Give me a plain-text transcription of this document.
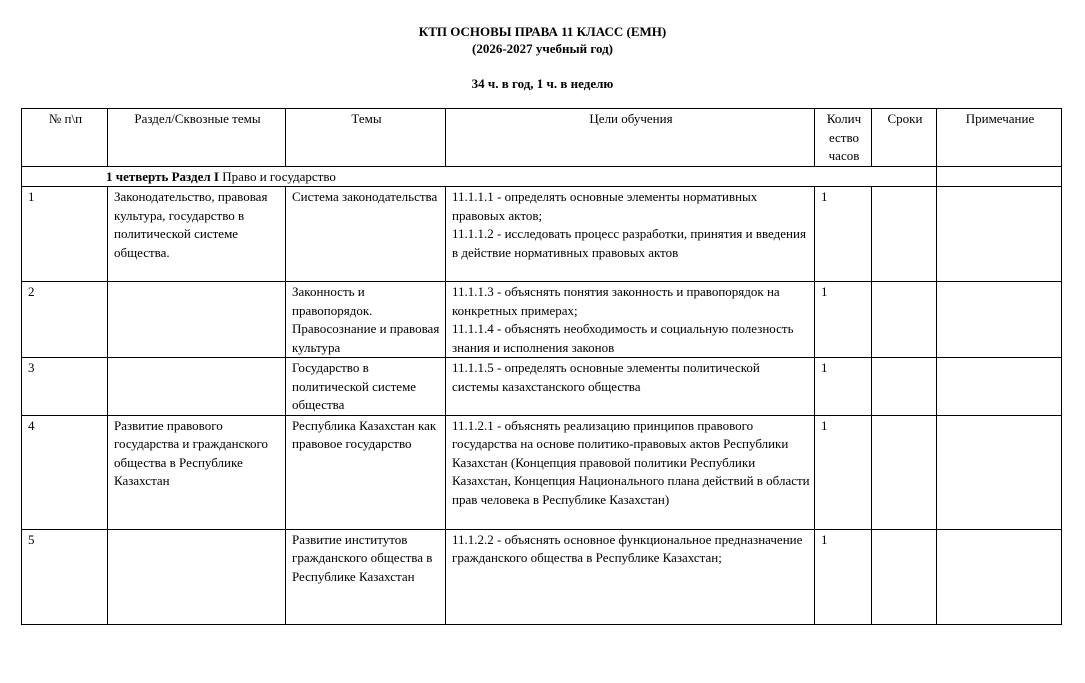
КТП ОСНОВЫ ПРАВА 11 КЛАСС (ЕМН)
(2026-2027 учебный год)
34 ч. в год, 1 ч. в неделю
№ п\п	Раздел/Сквозные темы	Темы	Цели обучения	Колич
ество
часов	Сроки	Примечание
1 четверть Раздел I Право и государство						
1	Законодательство, правовая культура, государство в политической системе общества.	Система законодательства	11.1.1.1 - определять основные элементы нормативных правовых актов;
11.1.1.2 - исследовать процесс разработки, принятия и введения в действие нормативных правовых актов	1		
2		Законность и правопорядок. Правосознание и правовая культура	11.1.1.3 - объяснять понятия законность и правопорядок на конкретных примерах;
11.1.1.4 - объяснять необходимость и социальную полезность знания и исполнения законов	1		
3		Государство в политической системе общества	11.1.1.5 - определять основные элементы политической системы казахстанского общества	1		
4	Развитие правового государства и гражданского общества в Республике Казахстан	Республика Казахстан как правовое государство	11.1.2.1 - объяснять реализацию принципов правового государства на основе политико-правовых актов Республики Казахстан (Концепция правовой политики Республики Казахстан, Концепция Национального плана действий в области прав человека в Республике Казахстан)	1		
5		Развитие институтов гражданского общества в Республике Казахстан	11.1.2.2 - объяснять основное функциональное предназначение гражданского общества в Республике Казахстан;	1		
